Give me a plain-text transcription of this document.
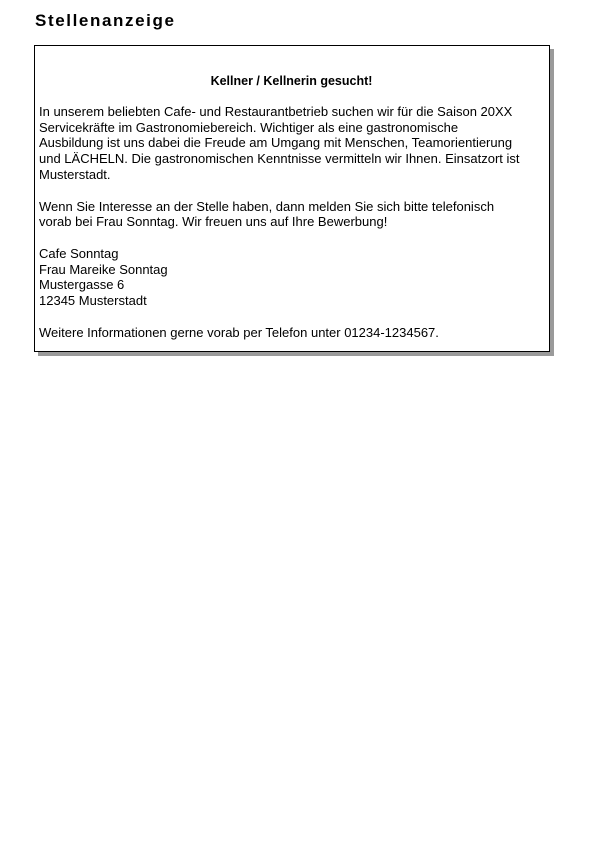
Stellenanzeige
Kellner / Kellnerin gesucht!
In unserem beliebten Cafe- und Restaurantbetrieb suchen wir für die Saison 20XX
Servicekräfte im Gastronomiebereich. Wichtiger als eine gastronomische
Ausbildung ist uns dabei die Freude am Umgang mit Menschen, Teamorientierung
und LÄCHELN. Die gastronomischen Kenntnisse vermitteln wir Ihnen. Einsatzort ist
Musterstadt.
Wenn Sie Interesse an der Stelle haben, dann melden Sie sich bitte telefonisch
vorab bei Frau Sonntag. Wir freuen uns auf Ihre Bewerbung!
Cafe Sonntag
Frau Mareike Sonntag
Mustergasse 6
12345 Musterstadt
Weitere Informationen gerne vorab per Telefon unter 01234-1234567.
